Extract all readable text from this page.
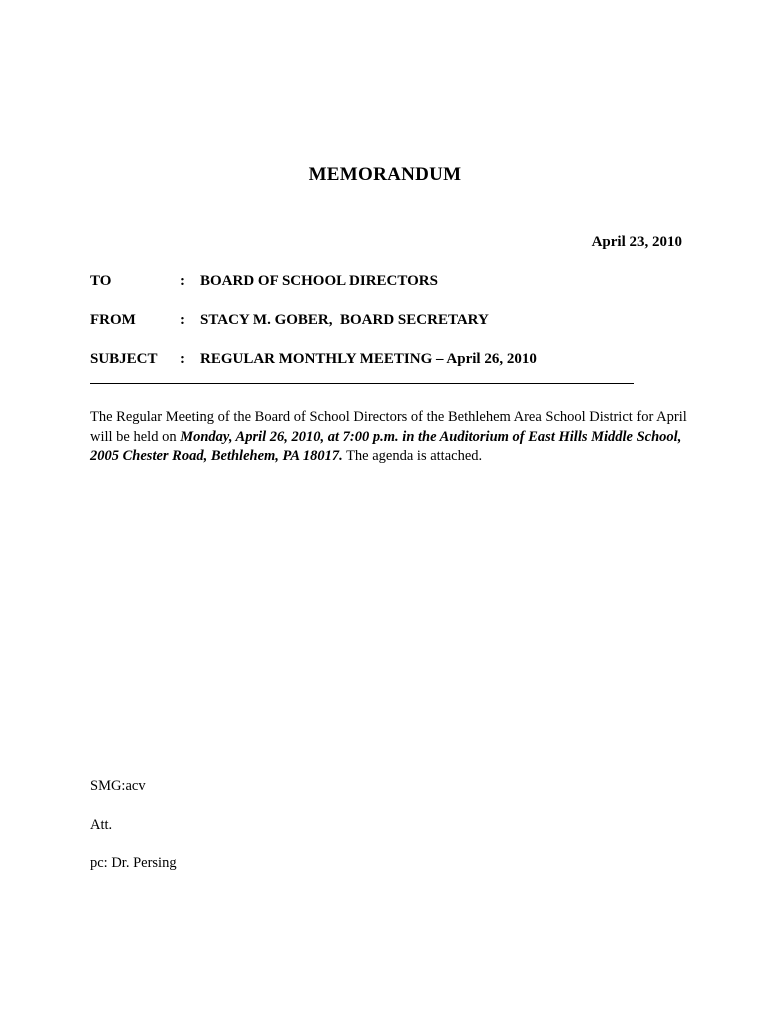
MEMORANDUM
April 23, 2010
TO	: BOARD OF SCHOOL DIRECTORS
FROM	: STACY M. GOBER,  BOARD SECRETARY
SUBJECT : REGULAR MONTHLY MEETING – April 26, 2010
The Regular Meeting of the Board of School Directors of the Bethlehem Area School District for April will be held on Monday, April 26, 2010, at 7:00 p.m. in the Auditorium of East Hills Middle School, 2005 Chester Road, Bethlehem, PA 18017. The agenda is attached.
SMG:acv
Att.
pc: Dr. Persing
